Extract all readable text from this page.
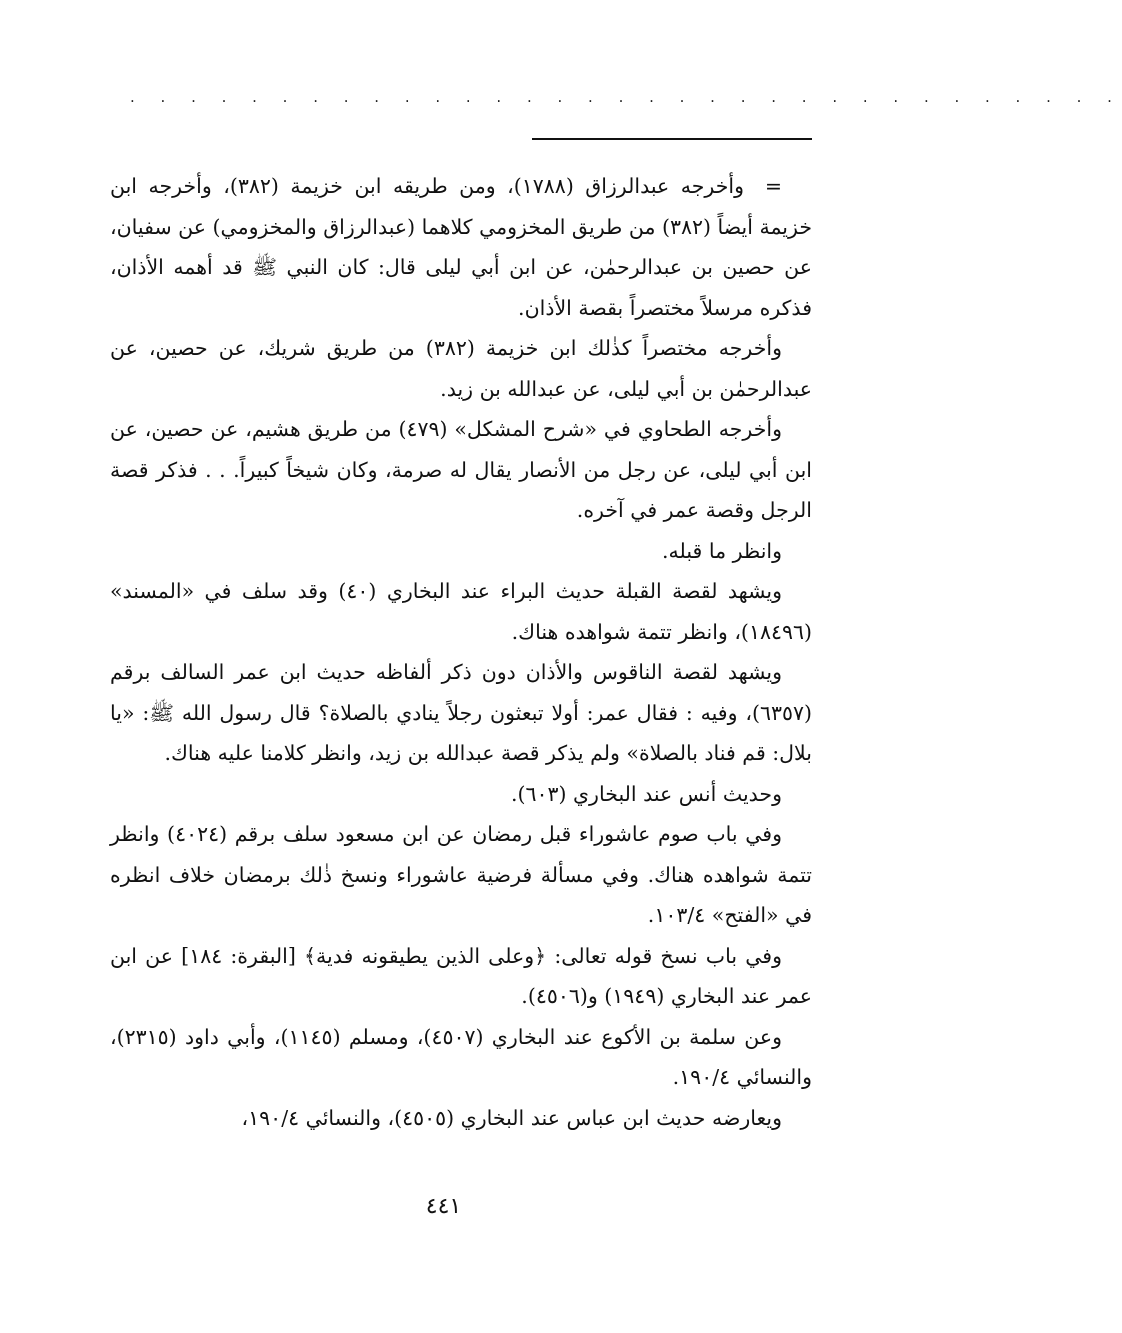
. . . . . . . . . . . . . . . . . . . . . . . . . . . . . . . . .

=وأخرجه عبدالرزاق (١٧٨٨)، ومن طريقه ابن خزيمة (٣٨٢)، وأخرجه ابن خزيمة أيضاً (٣٨٢) من طريق المخزومي كلاهما (عبدالرزاق والمخزومي) عن سفيان، عن حصين بن عبدالرحمٰن، عن ابن أبي ليلى قال: كان النبي ﷺ قد أهمه الأذان، فذكره مرسلاً مختصراً بقصة الأذان.

وأخرجه مختصراً كذٰلك ابن خزيمة (٣٨٢) من طريق شريك، عن حصين، عن عبدالرحمٰن بن أبي ليلى، عن عبدالله بن زيد.

وأخرجه الطحاوي في «شرح المشكل» (٤٧٩) من طريق هشيم، عن حصين، عن ابن أبي ليلى، عن رجل من الأنصار يقال له صرمة، وكان شيخاً كبيراً. . . فذكر قصة الرجل وقصة عمر في آخره.

وانظر ما قبله.

ويشهد لقصة القبلة حديث البراء عند البخاري (٤٠) وقد سلف في «المسند» (١٨٤٩٦)، وانظر تتمة شواهده هناك.

ويشهد لقصة الناقوس والأذان دون ذكر ألفاظه حديث ابن عمر السالف برقم (٦٣٥٧)، وفيه : فقال عمر: أولا تبعثون رجلاً ينادي بالصلاة؟ قال رسول الله ﷺ: «يا بلال: قم فناد بالصلاة» ولم يذكر قصة عبدالله بن زيد، وانظر كلامنا عليه هناك.

وحديث أنس عند البخاري (٦٠٣).

وفي باب صوم عاشوراء قبل رمضان عن ابن مسعود سلف برقم (٤٠٢٤) وانظر تتمة شواهده هناك. وفي مسألة فرضية عاشوراء ونسخ ذٰلك برمضان خلاف انظره في «الفتح» ١٠٣/٤.

وفي باب نسخ قوله تعالى: ﴿وعلى الذين يطيقونه فدية﴾ [البقرة: ١٨٤] عن ابن عمر عند البخاري (١٩٤٩) و(٤٥٠٦).

وعن سلمة بن الأكوع عند البخاري (٤٥٠٧)، ومسلم (١١٤٥)، وأبي داود (٢٣١٥)، والنسائي ١٩٠/٤.

ويعارضه حديث ابن عباس عند البخاري (٤٥٠٥)، والنسائي ١٩٠/٤،

٤٤١
